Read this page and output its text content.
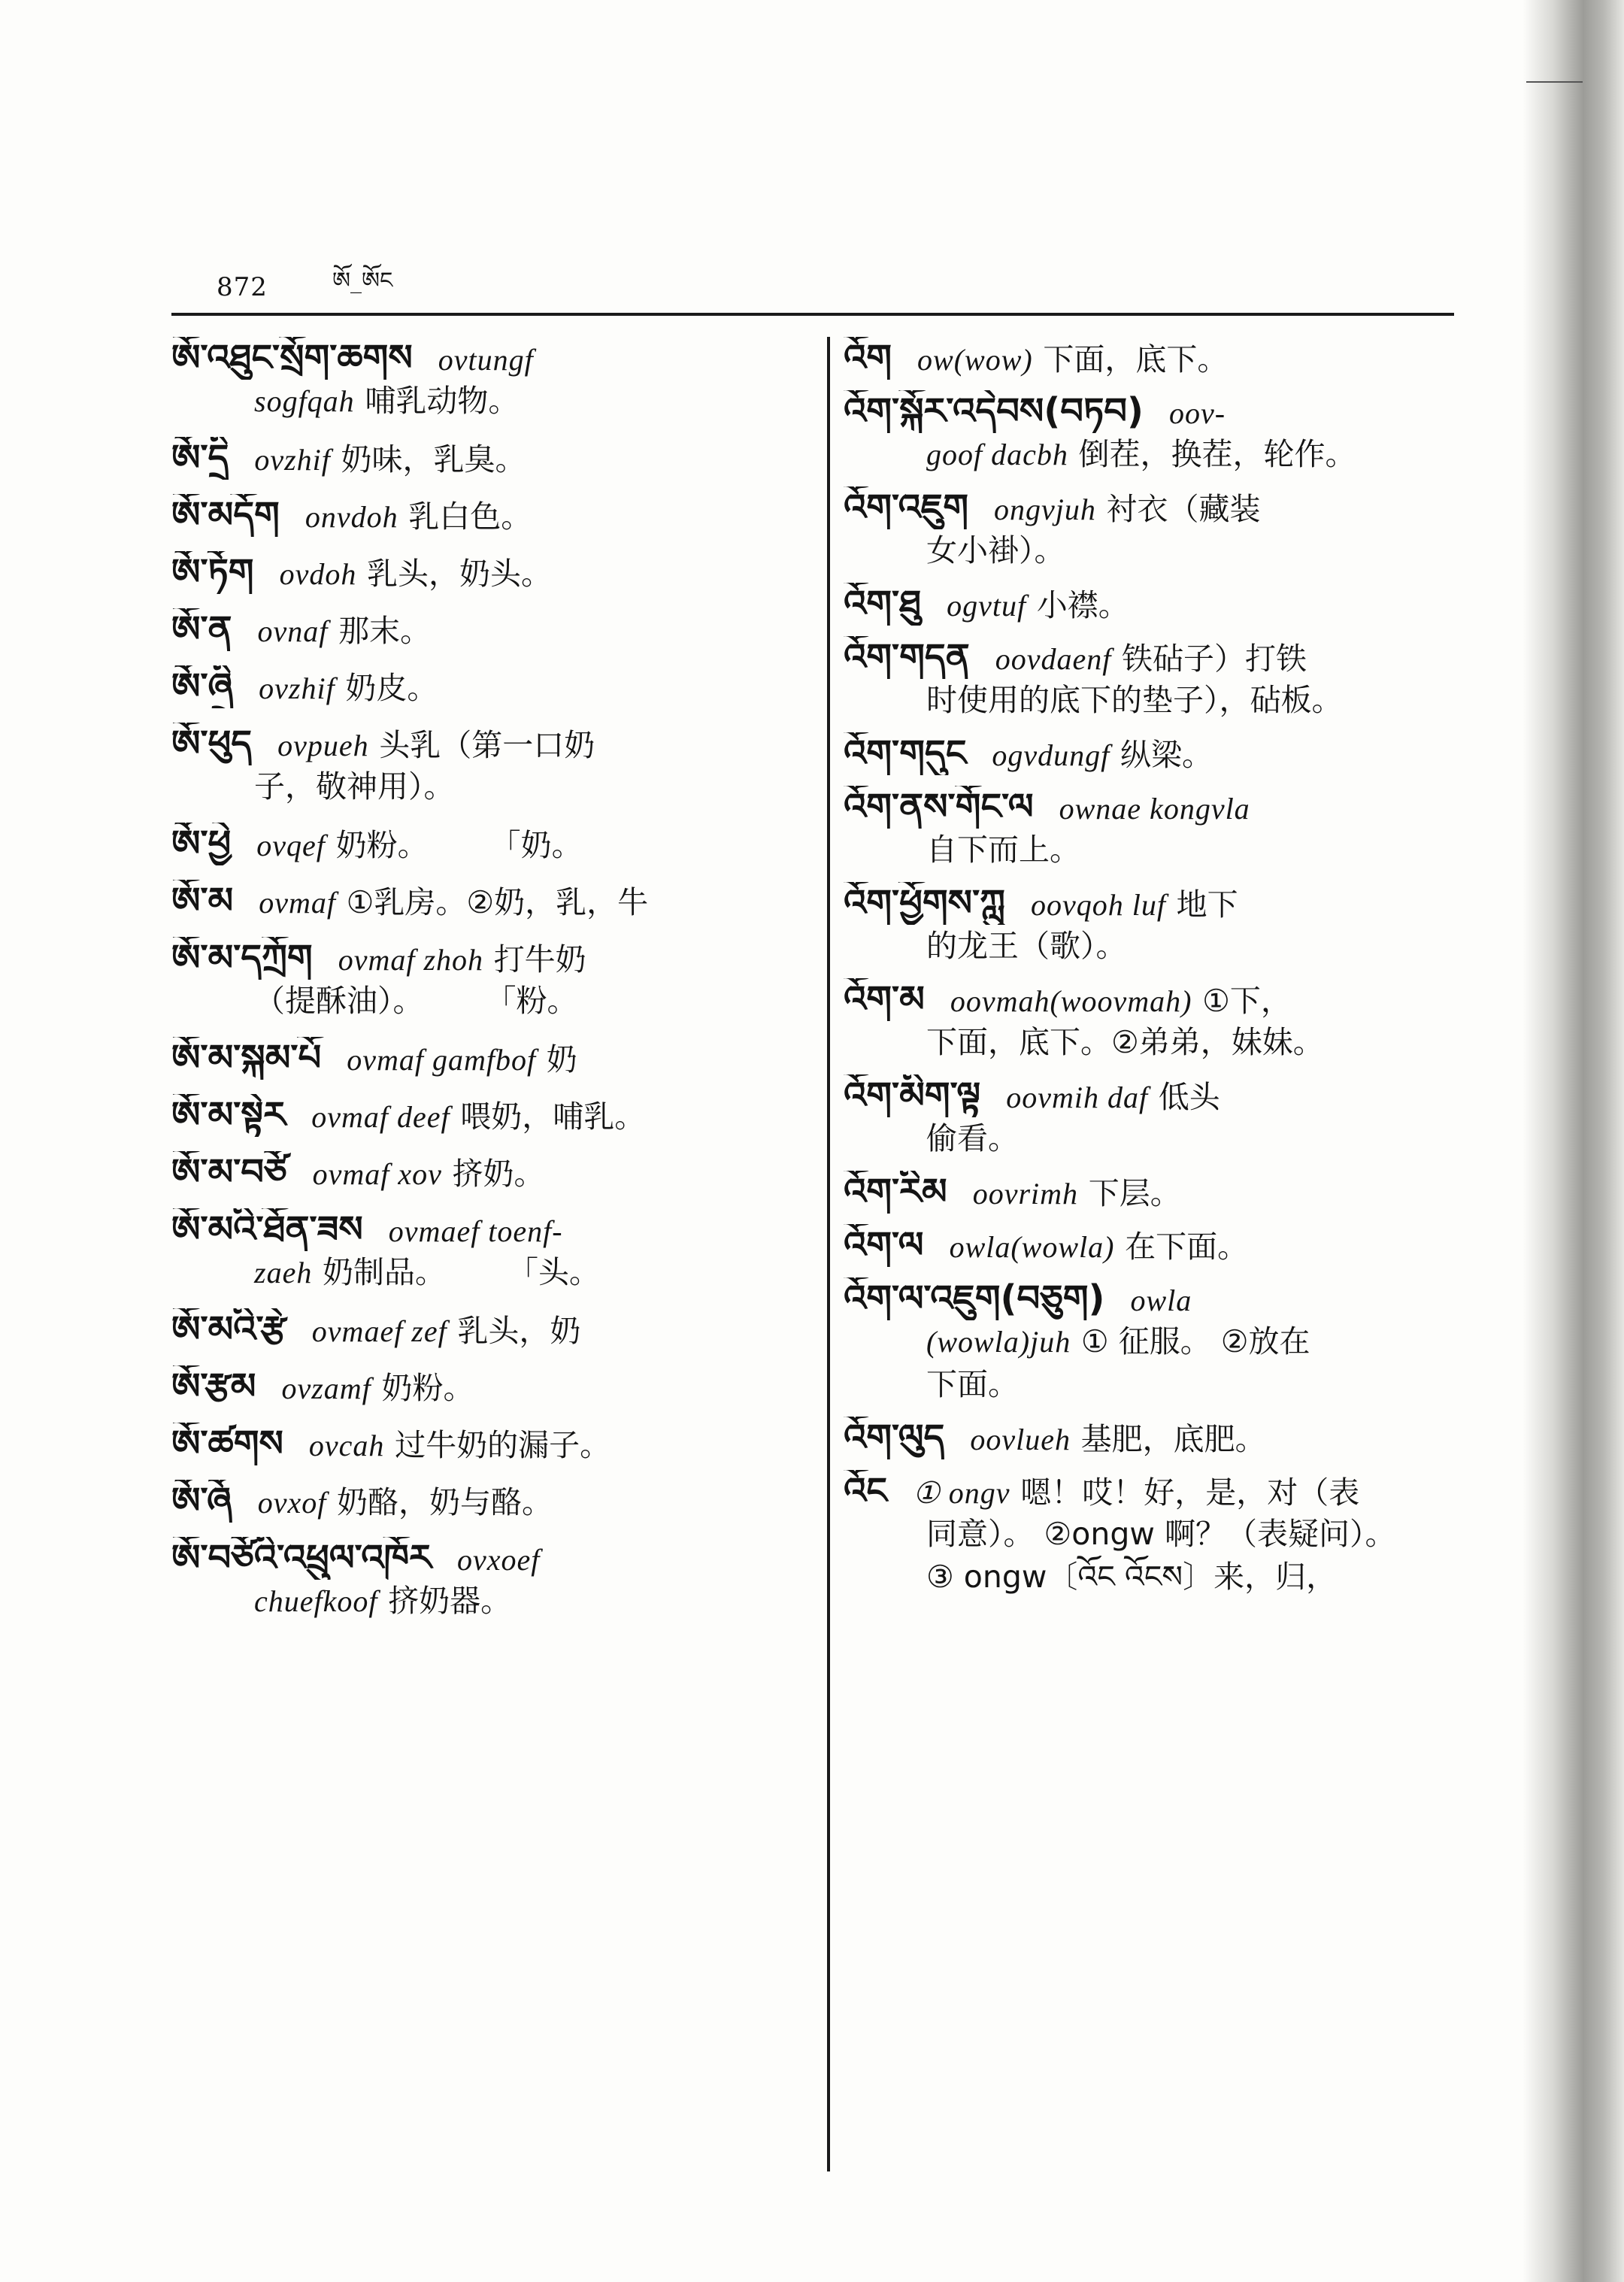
872	ཨོ_ཨོང
ཨོ་འཐུང་སྲོག་ཆགས ovtungf
sogfqah 哺乳动物。
ཨོ་དྲི ovzhif 奶味，乳臭。
ཨོ་མདོག onvdoh 乳白色。
ཨོ་ཏོག ovdoh 乳头，奶头。
ཨོ་ན ovnaf 那末。
ཨོ་ཞྲི ovzhif 奶皮。
ཨོ་ཕུད ovpueh 头乳（第一口奶
子，敬神用）。
ཨོ་ཕྱེ ovqef 奶粉。　　　「奶。
ཨོ་མ ovmaf ①乳房。②奶，乳，牛
ཨོ་མ་དཀྲོག ovmaf zhoh 打牛奶
（提酥油）。　　　「粉。
ཨོ་མ་སྐམ་པོ ovmaf gamfbof 奶
ཨོ་མ་སྟེར ovmaf deef 喂奶，哺乳。
ཨོ་མ་བཙོ ovmaf xov 挤奶。
ཨོ་མའི་ཐོན་ཟས ovmaef toenf-
zaeh 奶制品。　　　「头。
ཨོ་མའི་རྩེ ovmaef zef 乳头，奶
ཨོ་རྩམ ovzamf 奶粉。
ཨོ་ཚགས ovcah 过牛奶的漏子。
ཨོ་ཞོ ovxof 奶酪，奶与酪。
ཨོ་བཙོའི་འཕྲུལ་འཁོར ovxoef
chuefkoof 挤奶器。
འོག ow(wow) 下面，底下。
འོག་སྐོར་འདེབས(བཏབ) oov-
goof dacbh 倒茬，换茬，轮作。
འོག་འཇུག ongvjuh 衬衣（藏装
女小褂）。
འོག་ཐུ ogvtuf 小襟。
འོག་གདན oovdaenf 铁砧子）打铁
时使用的底下的垫子），砧板。
འོག་གདུང ogvdungf 纵梁。
འོག་ནས་གོང་ལ ownae kongvla
自下而上。
འོག་ཕྱོགས་ཀླུ oovqoh luf 地下
的龙王（歌）。
འོག་མ oovmah(woovmah) ①下，
下面，底下。②弟弟，妹妹。
འོག་མིག་ལྟ oovmih daf 低头
偷看。
འོག་རིམ oovrimh 下层。
འོག་ལ owla(wowla) 在下面。
འོག་ལ་འཇུག(བཅུག) owla
(wowla)juh ① 征服。 ②放在
下面。
འོག་ལུད oovlueh 基肥，底肥。
འོང ① ongv 嗯！哎！好，是，对（表
同意）。 ②ongw 啊？（表疑问）。
③ ongw〔འོང འོངས〕来，归，
